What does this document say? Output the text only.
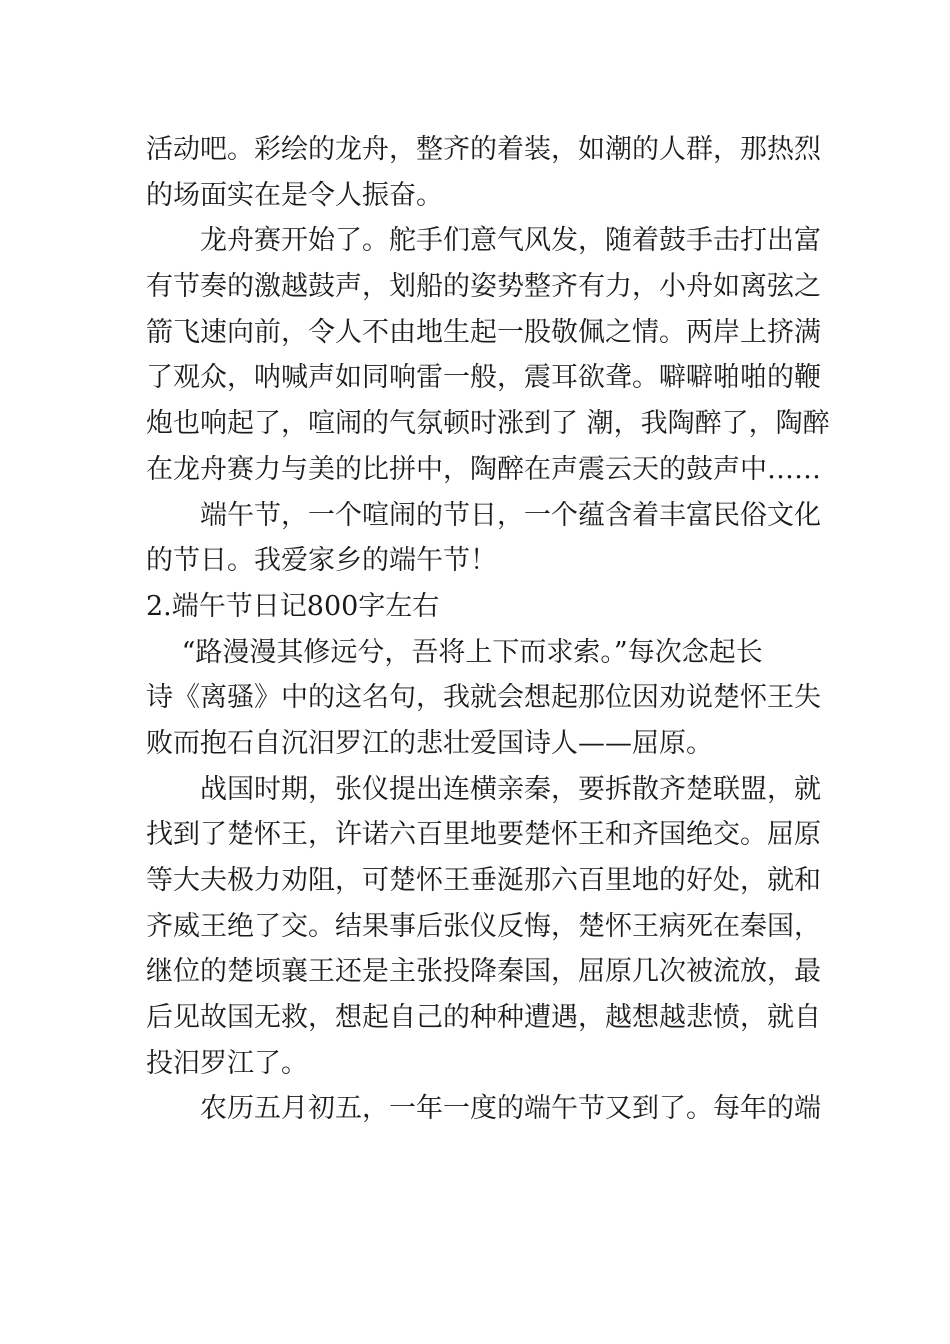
活动吧。彩绘的龙舟，整齐的着装，如潮的人群，那热烈
的场面实在是令人振奋。
　　龙舟赛开始了。舵手们意气风发，随着鼓手击打出富
有节奏的激越鼓声，划船的姿势整齐有力，小舟如离弦之
箭飞速向前，令人不由地生起一股敬佩之情。两岸上挤满
了观众，呐喊声如同响雷一般，震耳欲聋。噼噼啪啪的鞭
炮也响起了，喧闹的气氛顿时涨到了 潮，我陶醉了，陶醉
在龙舟赛力与美的比拼中，陶醉在声震云天的鼓声中……
　　端午节，一个喧闹的节日，一个蕴含着丰富民俗文化
的节日。我爱家乡的端午节！
2.端午节日记800字左右
　 “路漫漫其修远兮，吾将上下而求索。”每次念起长
诗《离骚》中的这名句，我就会想起那位因劝说楚怀王失
败而抱石自沉汨罗江的悲壮爱国诗人——屈原。
　　战国时期，张仪提出连横亲秦，要拆散齐楚联盟，就
找到了楚怀王，许诺六百里地要楚怀王和齐国绝交。屈原
等大夫极力劝阻，可楚怀王垂涎那六百里地的好处，就和
齐威王绝了交。结果事后张仪反悔，楚怀王病死在秦国，
继位的楚顷襄王还是主张投降秦国，屈原几次被流放，最
后见故国无救，想起自己的种种遭遇，越想越悲愤，就自
投汨罗江了。
　　农历五月初五，一年一度的端午节又到了。每年的端
